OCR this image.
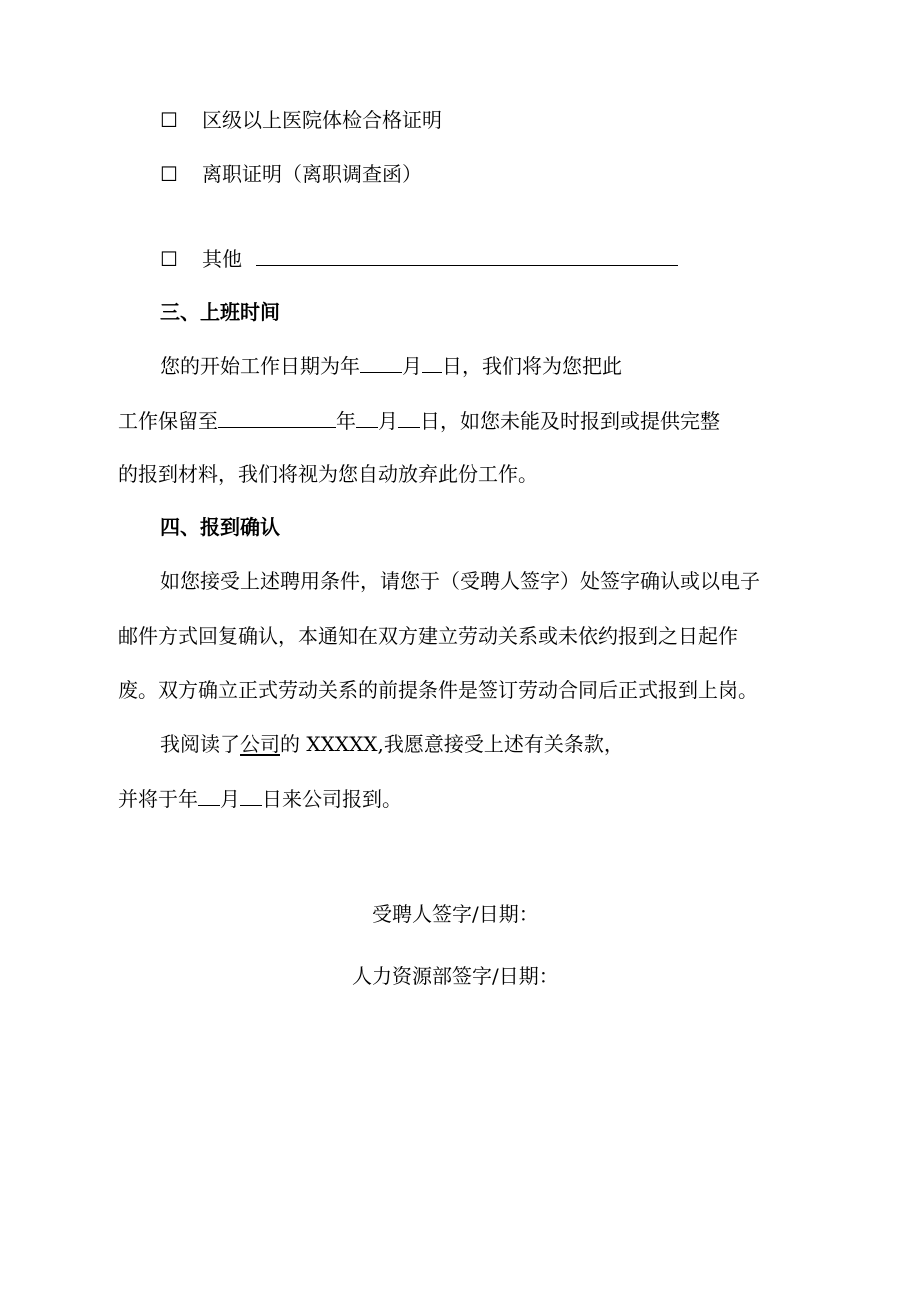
☐ 区级以上医院体检合格证明
☐ 离职证明（离职调查函）
☐ 其他
三、上班时间
您的开始工作日期为年 月 日，我们将为您把此
工作保留至	年 月 日，如您未能及时报到或提供完整
的报到材料，我们将视为您自动放弃此份工作。
四、报到确认
如您接受上述聘用条件，请您于（受聘人签字）处签字确认或以电子
邮件方式回复确认，本通知在双方建立劳动关系或未依约报到之日起作
废。双方确立正式劳动关系的前提条件是签订劳动合同后正式报到上岗。
我阅读了公司的 XXXXX,我愿意接受上述有关条款，
并将于年 月 日来公司报到。
受聘人签字/日期：
人力资源部签字/日期：
